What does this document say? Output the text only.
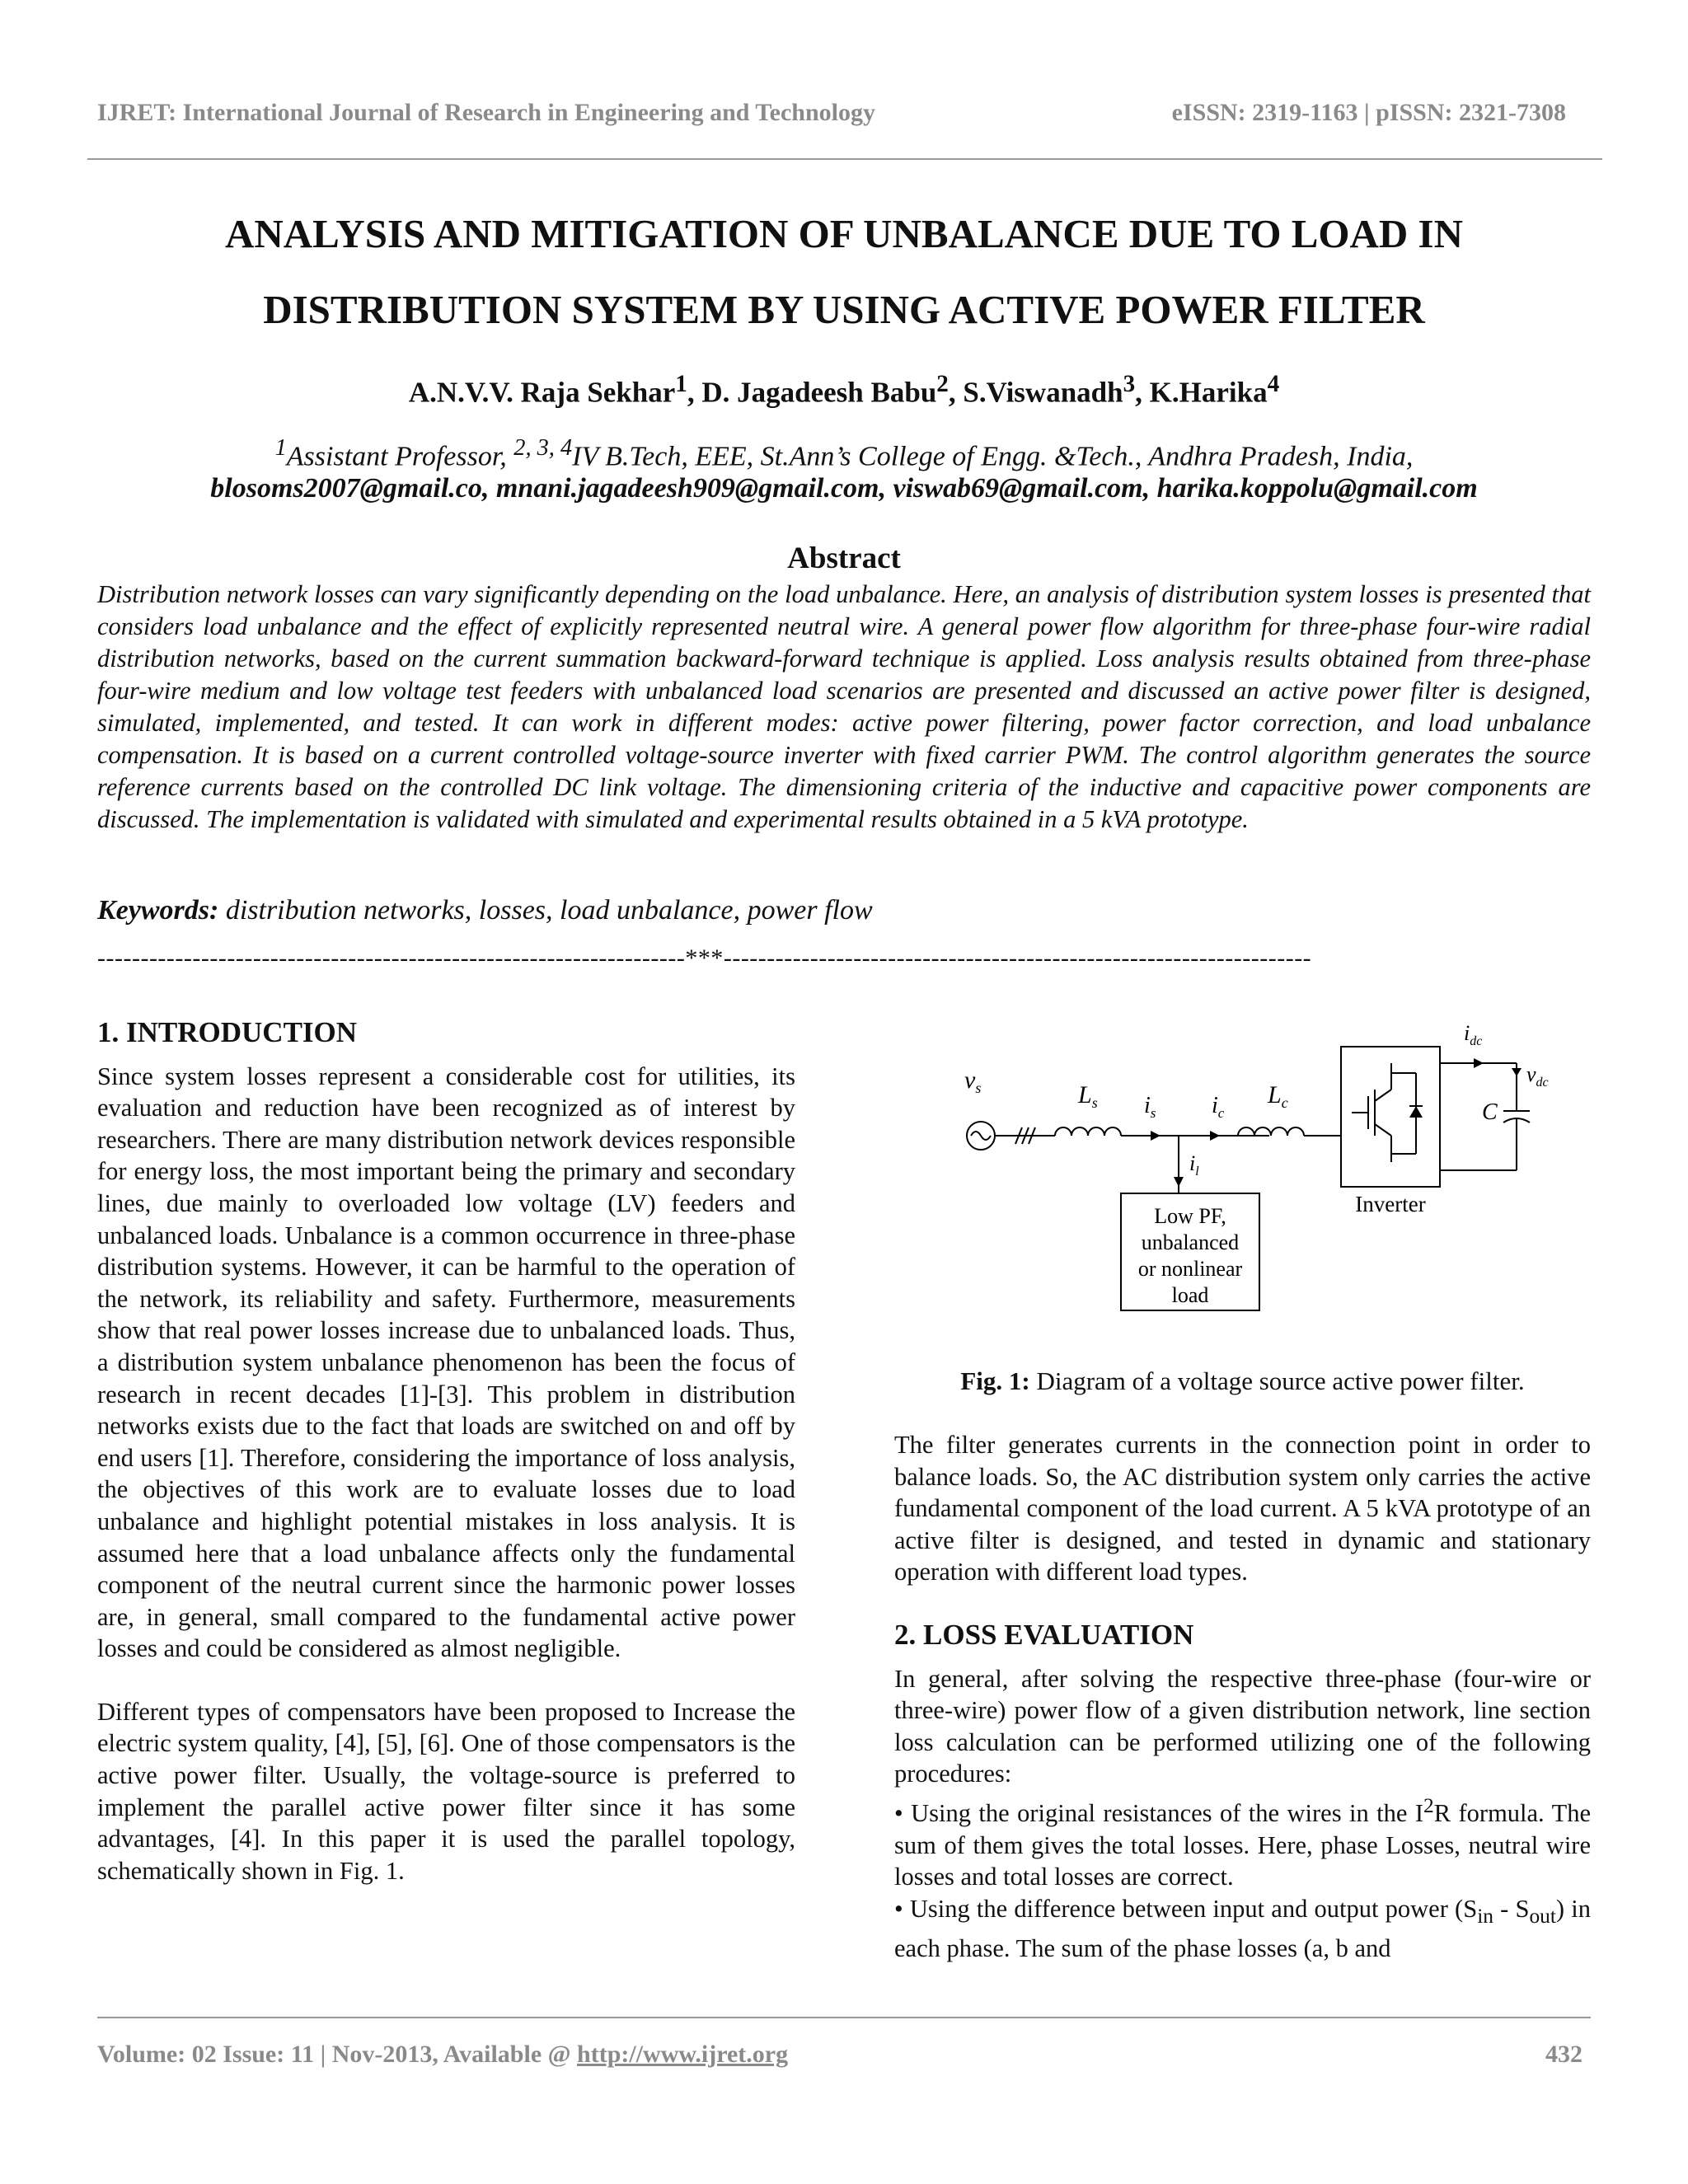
IJRET: International Journal of Research in Engineering and Technology	eISSN: 2319-1163 | pISSN: 2321-7308
ANALYSIS AND MITIGATION OF UNBALANCE DUE TO LOAD IN
DISTRIBUTION SYSTEM BY USING ACTIVE POWER FILTER
A.N.V.V. Raja Sekhar$^1$, D. Jagadeesh Babu$^2$, S.Viswanadh$^3$, K.Harika$^4$
$^1$Assistant Professor, $^{2, 3, 4}$IV B.Tech, EEE, St.Ann’s College of Engg. &Tech., Andhra Pradesh, India,
blosoms2007@gmail.co, mnani.jagadeesh909@gmail.com, viswab69@gmail.com, harika.koppolu@gmail.com
Abstract
Distribution network losses can vary significantly depending on the load unbalance. Here, an analysis of distribution system losses is presented that considers load unbalance and the effect of explicitly represented neutral wire. A general power flow algorithm for three-phase four-wire radial distribution networks, based on the current summation backward-forward technique is applied. Loss analysis results obtained from three-phase four-wire medium and low voltage test feeders with unbalanced load scenarios are presented and discussed an active power filter is designed, simulated, implemented, and tested. It can work in different modes: active power filtering, power factor correction, and load unbalance compensation. It is based on a current controlled voltage-source inverter with fixed carrier PWM. The control algorithm generates the source reference currents based on the controlled DC link voltage. The dimensioning criteria of the inductive and capacitive power components are discussed. The implementation is validated with simulated and experimental results obtained in a 5 kVA prototype.
Keywords: distribution networks, losses, load unbalance, power flow
--------------------------------------------------------------------***--------------------------------------------------------------------
1. INTRODUCTION

Since system losses represent a considerable cost for utilities, its evaluation and reduction have been recognized as of interest by researchers. There are many distribution network devices responsible for energy loss, the most important being the primary and secondary lines, due mainly to overloaded low voltage (LV) feeders and unbalanced loads. Unbalance is a common occurrence in three-phase distribution systems. However, it can be harmful to the operation of the network, its reliability and safety. Furthermore, measurements show that real power losses increase due to unbalanced loads. Thus, a distribution system unbalance phenomenon has been the focus of research in recent decades [1]-[3]. This problem in distribution networks exists due to the fact that loads are switched on and off by end users [1]. Therefore, considering the importance of loss analysis, the objectives of this work are to evaluate losses due to load unbalance and highlight potential mistakes in loss analysis. It is assumed here that a load unbalance affects only the fundamental component of the neutral current since the harmonic power losses are, in general, small compared to the fundamental active power losses and could be considered as almost negligible.

Different types of compensators have been proposed to Increase the electric system quality, [4], [5], [6]. One of those compensators is the active power filter. Usually, the voltage-source is preferred to implement the parallel active power filter since it has some advantages, [4]. In this paper it is used the parallel topology, schematically shown in Fig. 1.

$v_s$	$L_s$ $i_s$
$i_l$
$i_c$
$L_c$
Low PF,
unbalanced
or nonlinear
load
Inverter
$i_{dc}$
C
$v_{dc}$
Fig. 1: Diagram of a voltage source active power filter.

The filter generates currents in the connection point in order to balance loads. So, the AC distribution system only carries the active fundamental component of the load current. A 5 kVA prototype of an active filter is designed, and tested in dynamic and stationary operation with different load types.

2. LOSS EVALUATION

In general, after solving the respective three-phase (four-wire or three-wire) power flow of a given distribution network, line section loss calculation can be performed utilizing one of the following procedures:

• Using the original resistances of the wires in the $I^2R$ formula. The sum of them gives the total losses. Here, phase Losses, neutral wire losses and total losses are correct.

• Using the difference between input and output power $(S_{in} - S_{out})$ in each phase. The sum of the phase losses (a, b and

Volume: 02 Issue: 11 | Nov-2013, Available @ http://www.ijret.org	432
